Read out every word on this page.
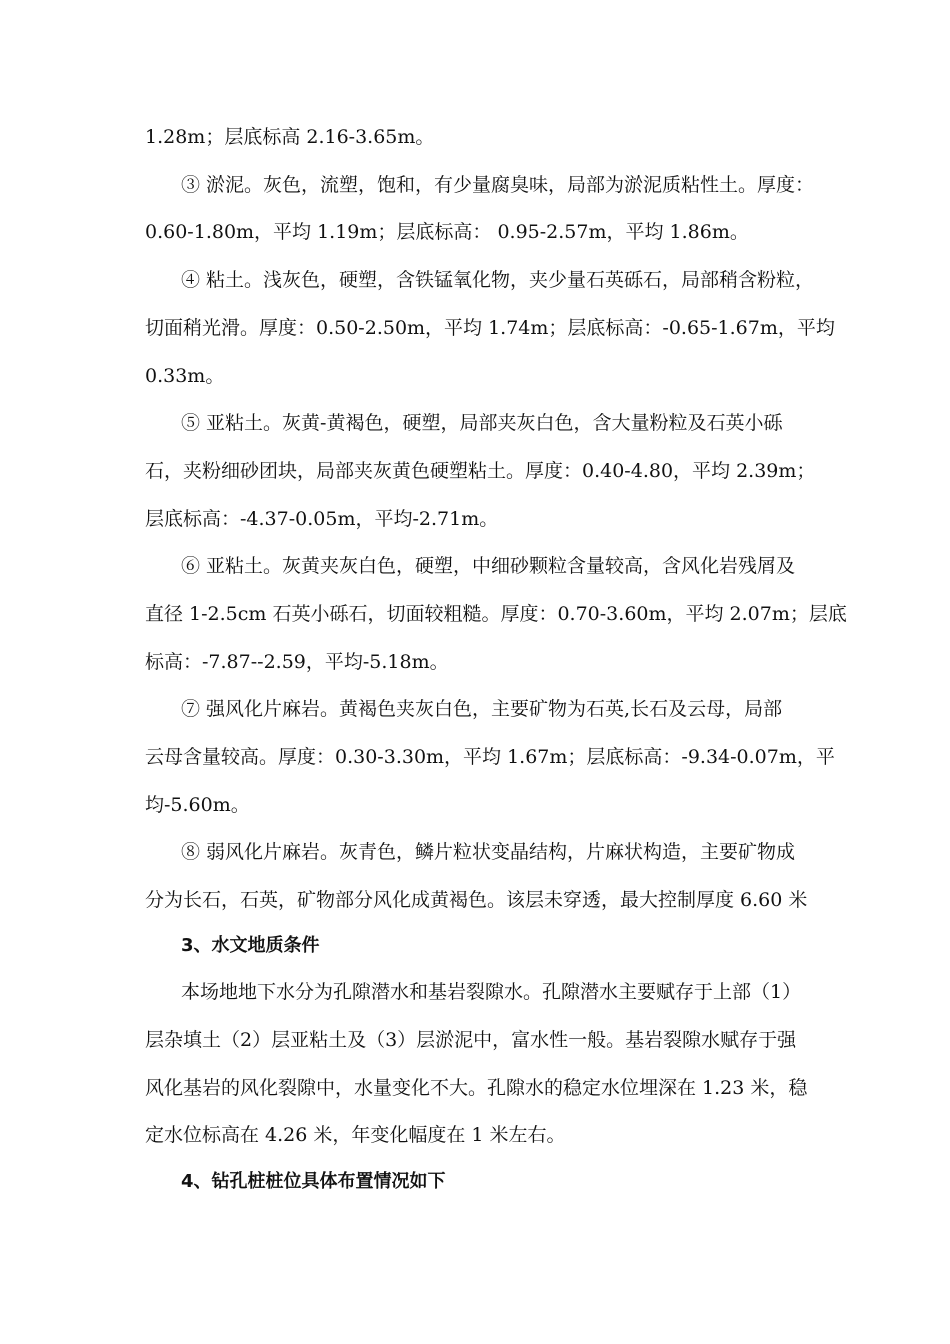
1.28m；层底标高 2.16-3.65m。
③ 淤泥。灰色，流塑，饱和，有少量腐臭味，局部为淤泥质粘性土。厚度：
0.60-1.80m，平均 1.19m；层底标高： 0.95-2.57m，平均 1.86m。
④ 粘土。浅灰色，硬塑，含铁锰氧化物，夹少量石英砾石，局部稍含粉粒，
切面稍光滑。厚度：0.50-2.50m，平均 1.74m；层底标高：-0.65-1.67m，平均
0.33m。
⑤ 亚粘土。灰黄-黄褐色，硬塑，局部夹灰白色，含大量粉粒及石英小砾
石，夹粉细砂团块，局部夹灰黄色硬塑粘土。厚度：0.40-4.80，平均 2.39m；
层底标高：-4.37-0.05m，平均-2.71m。
⑥ 亚粘土。灰黄夹灰白色，硬塑，中细砂颗粒含量较高，含风化岩残屑及
直径 1-2.5cm 石英小砾石，切面较粗糙。厚度：0.70-3.60m，平均 2.07m；层底
标高：-7.87--2.59，平均-5.18m。
⑦ 强风化片麻岩。黄褐色夹灰白色，主要矿物为石英,长石及云母，局部
云母含量较高。厚度：0.30-3.30m，平均 1.67m；层底标高：-9.34-0.07m，平
均-5.60m。
⑧ 弱风化片麻岩。灰青色，鳞片粒状变晶结构，片麻状构造，主要矿物成
分为长石，石英，矿物部分风化成黄褐色。该层未穿透，最大控制厚度 6.60 米
3、水文地质条件
本场地地下水分为孔隙潜水和基岩裂隙水。孔隙潜水主要赋存于上部（1）
层杂填土（2）层亚粘土及（3）层淤泥中，富水性一般。基岩裂隙水赋存于强
风化基岩的风化裂隙中，水量变化不大。孔隙水的稳定水位埋深在 1.23 米，稳
定水位标高在 4.26 米，年变化幅度在 1 米左右。
4、钻孔桩桩位具体布置情况如下
